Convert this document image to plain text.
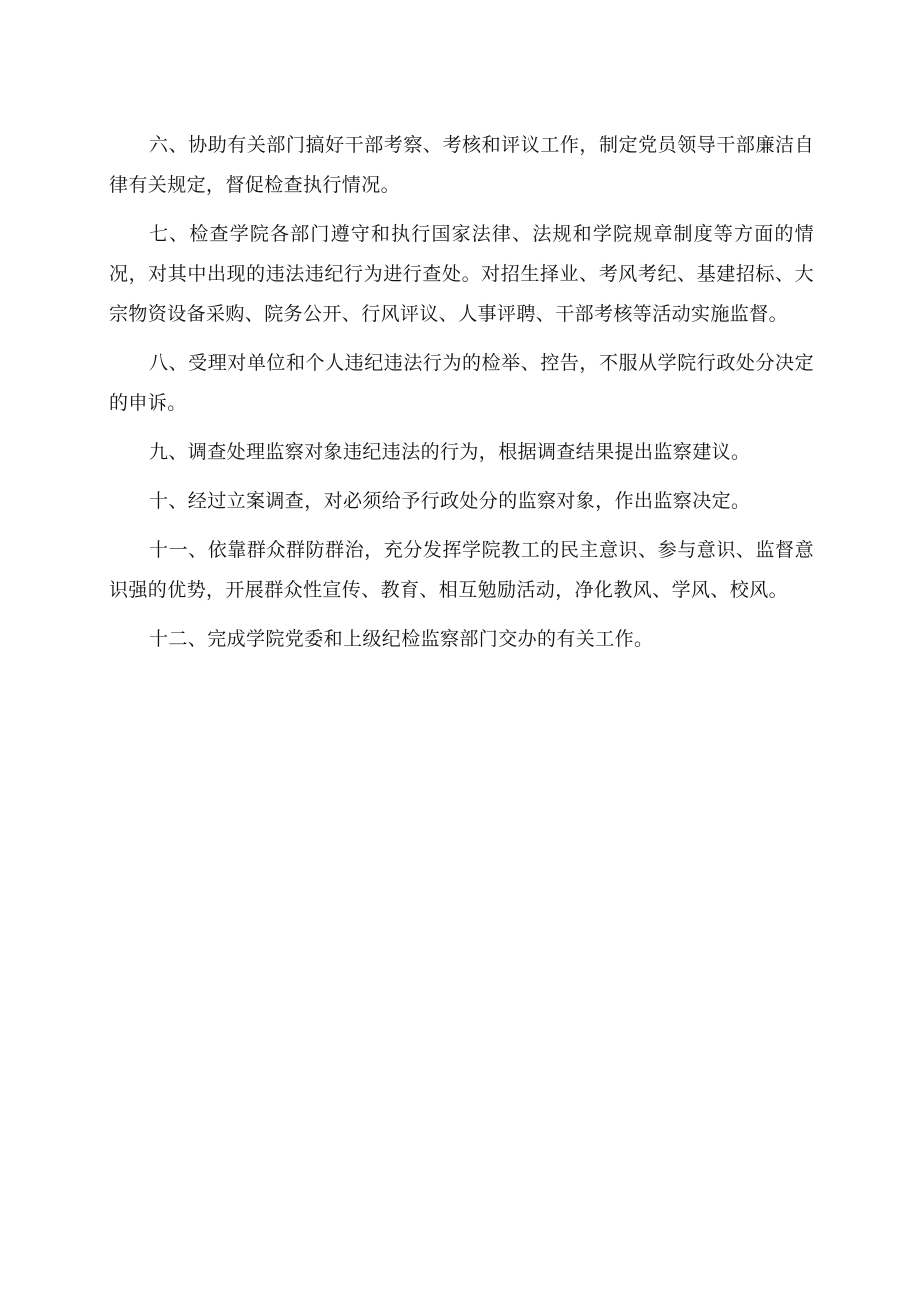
六、协助有关部门搞好干部考察、考核和评议工作，制定党员领导干部廉洁自律有关规定，督促检查执行情况。

七、检查学院各部门遵守和执行国家法律、法规和学院规章制度等方面的情况，对其中出现的违法违纪行为进行查处。对招生择业、考风考纪、基建招标、大宗物资设备采购、院务公开、行风评议、人事评聘、干部考核等活动实施监督。

八、受理对单位和个人违纪违法行为的检举、控告，不服从学院行政处分决定的申诉。

九、调查处理监察对象违纪违法的行为，根据调查结果提出监察建议。

十、经过立案调查，对必须给予行政处分的监察对象，作出监察决定。

十一、依靠群众群防群治，充分发挥学院教工的民主意识、参与意识、监督意识强的优势，开展群众性宣传、教育、相互勉励活动，净化教风、学风、校风。

十二、完成学院党委和上级纪检监察部门交办的有关工作。
